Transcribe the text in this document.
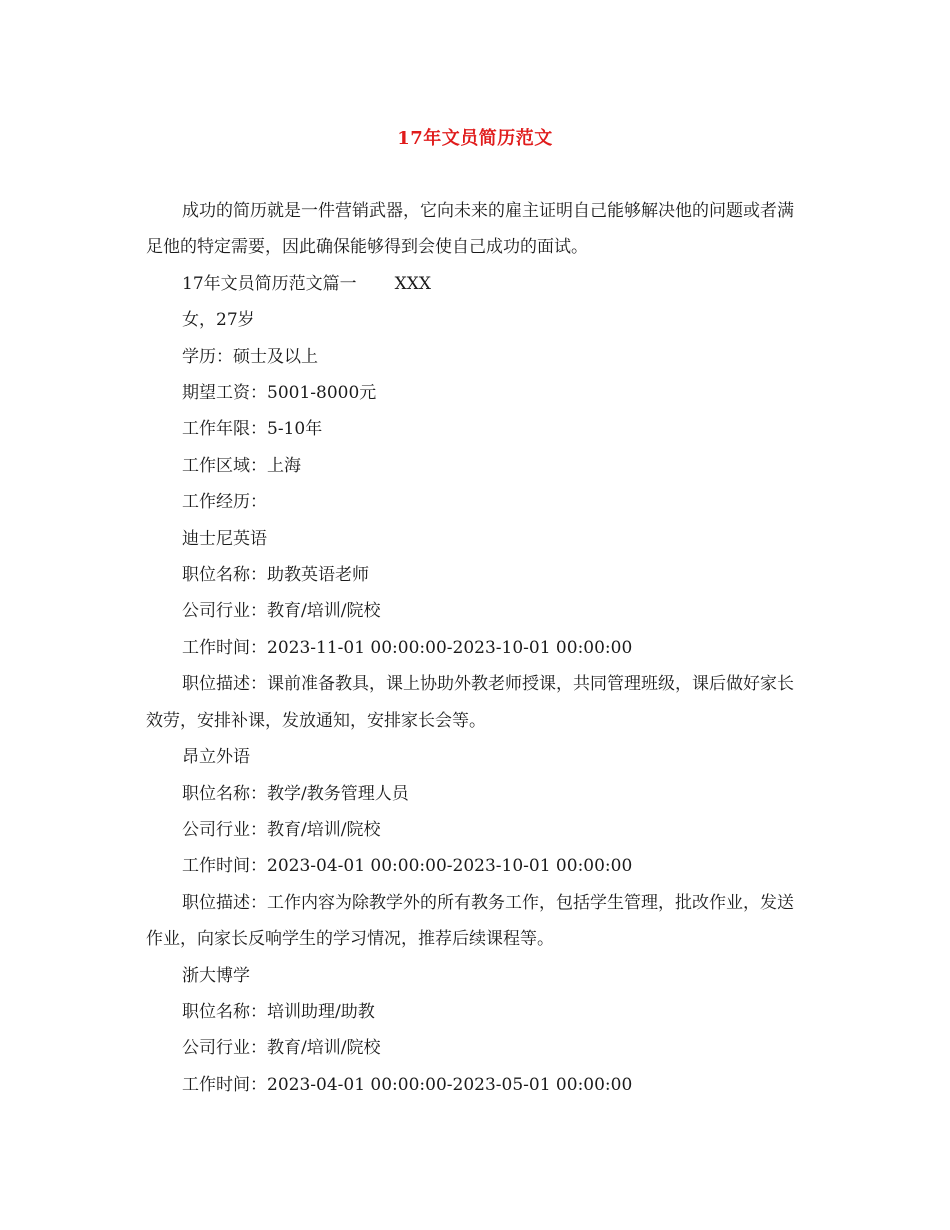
17年文员简历范文

成功的简历就是一件营销武器，它向未来的雇主证明自己能够解决他的问题或者满足他的特定需要，因此确保能够得到会使自己成功的面试。

17年文员简历范文篇一 XXX

女，27岁

学历：硕士及以上

期望工资：5001-8000元

工作年限：5-10年

工作区域：上海

工作经历：

迪士尼英语

职位名称：助教英语老师

公司行业：教育/培训/院校

工作时间：2023-11-01 00:00:00-2023-10-01 00:00:00

职位描述：课前准备教具，课上协助外教老师授课，共同管理班级，课后做好家长效劳，安排补课，发放通知，安排家长会等。

昂立外语

职位名称：教学/教务管理人员

公司行业：教育/培训/院校

工作时间：2023-04-01 00:00:00-2023-10-01 00:00:00

职位描述：工作内容为除教学外的所有教务工作，包括学生管理，批改作业，发送作业，向家长反响学生的学习情况，推荐后续课程等。

浙大博学

职位名称：培训助理/助教

公司行业：教育/培训/院校

工作时间：2023-04-01 00:00:00-2023-05-01 00:00:00
